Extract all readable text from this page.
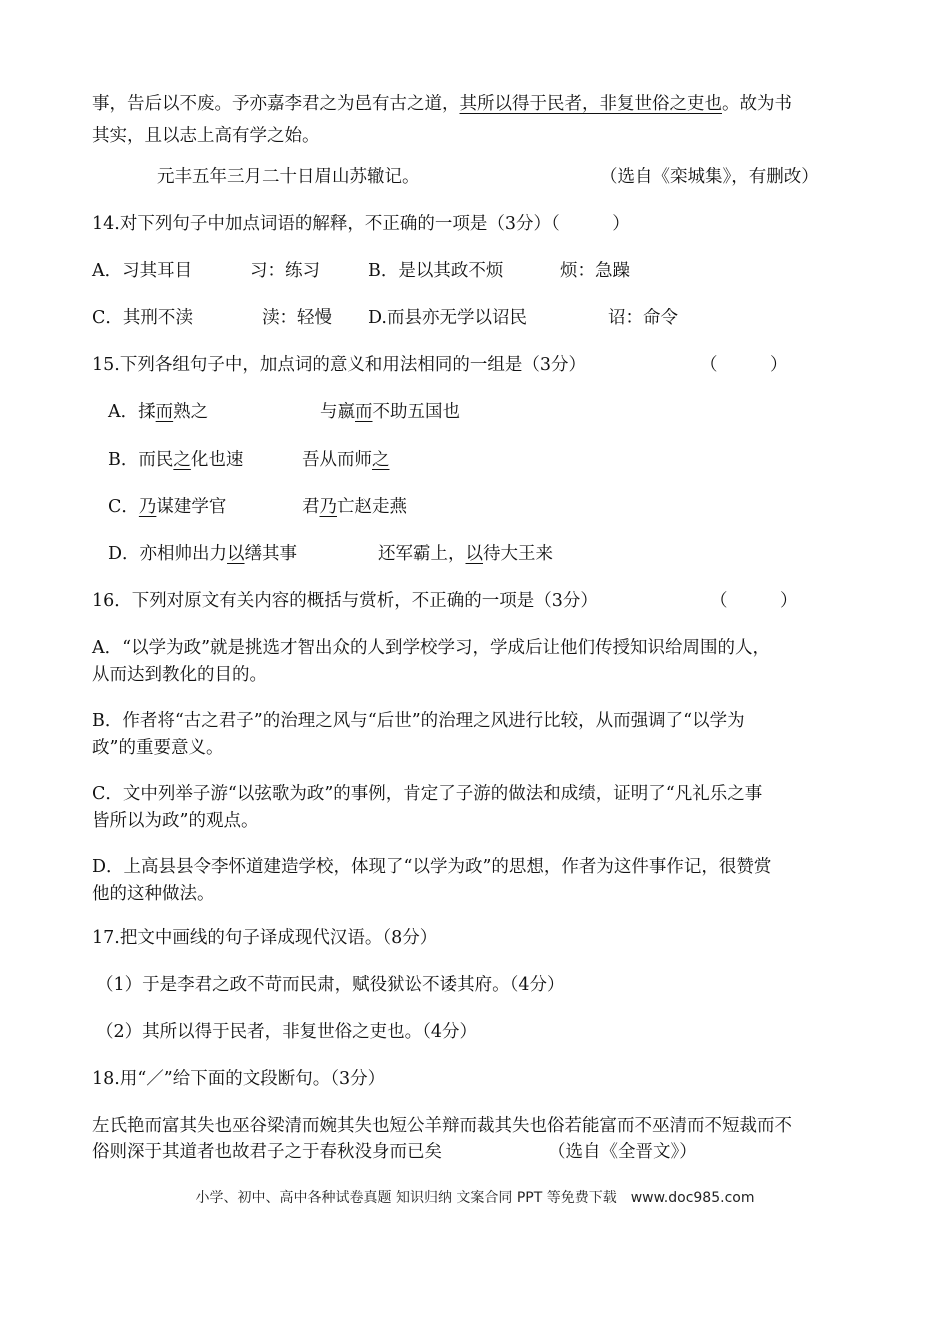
事，告后以不废。予亦嘉李君之为邑有古之道，其所以得于民者，非复世俗之吏也。故为书
其实，且以志上高有学之始。
元丰五年三月二十日眉山苏辙记。	（选自《栾城集》，有删改）
14.对下列句子中加点词语的解释，不正确的一项是（3分）（　　　）
A．习其耳目	习：练习	B．是以其政不烦	烦：急躁
C．其刑不渎	渎：轻慢 D.而县亦无学以诏民	诏：命令
15.下列各组句子中，加点词的意义和用法相同的一组是（3分）	（　　　）
A．揉而熟之	与嬴而不助五国也
B．而民之化也速	吾从而师之
C．乃谋建学官	君乃亡赵走燕
D．亦相帅出力以缮其事	还军霸上，以待大王来
16．下列对原文有关内容的概括与赏析，不正确的一项是（3分）	（　　　）
A．“以学为政”就是挑选才智出众的人到学校学习，学成后让他们传授知识给周围的人，
从而达到教化的目的。
B．作者将“古之君子”的治理之风与“后世”的治理之风进行比较，从而强调了“以学为
政”的重要意义。
C．文中列举子游“以弦歌为政”的事例，肯定了子游的做法和成绩，证明了“凡礼乐之事
皆所以为政”的观点。
D．上高县县令李怀道建造学校，体现了“以学为政”的思想，作者为这件事作记，很赞赏
他的这种做法。
17.把文中画线的句子译成现代汉语。（8分）
（1）于是李君之政不苛而民肃，赋役狱讼不诿其府。（4分）
（2）其所以得于民者，非复世俗之吏也。（4分）
18.用“／”给下面的文段断句。（3分）
左氏艳而富其失也巫谷梁清而婉其失也短公羊辩而裁其失也俗若能富而不巫清而不短裁而不
俗则深于其道者也故君子之于春秋没身而已矣	（选自《全晋文》）
小学、初中、高中各种试卷真题 知识归纳 文案合同 PPT 等免费下载　www.doc985.com
